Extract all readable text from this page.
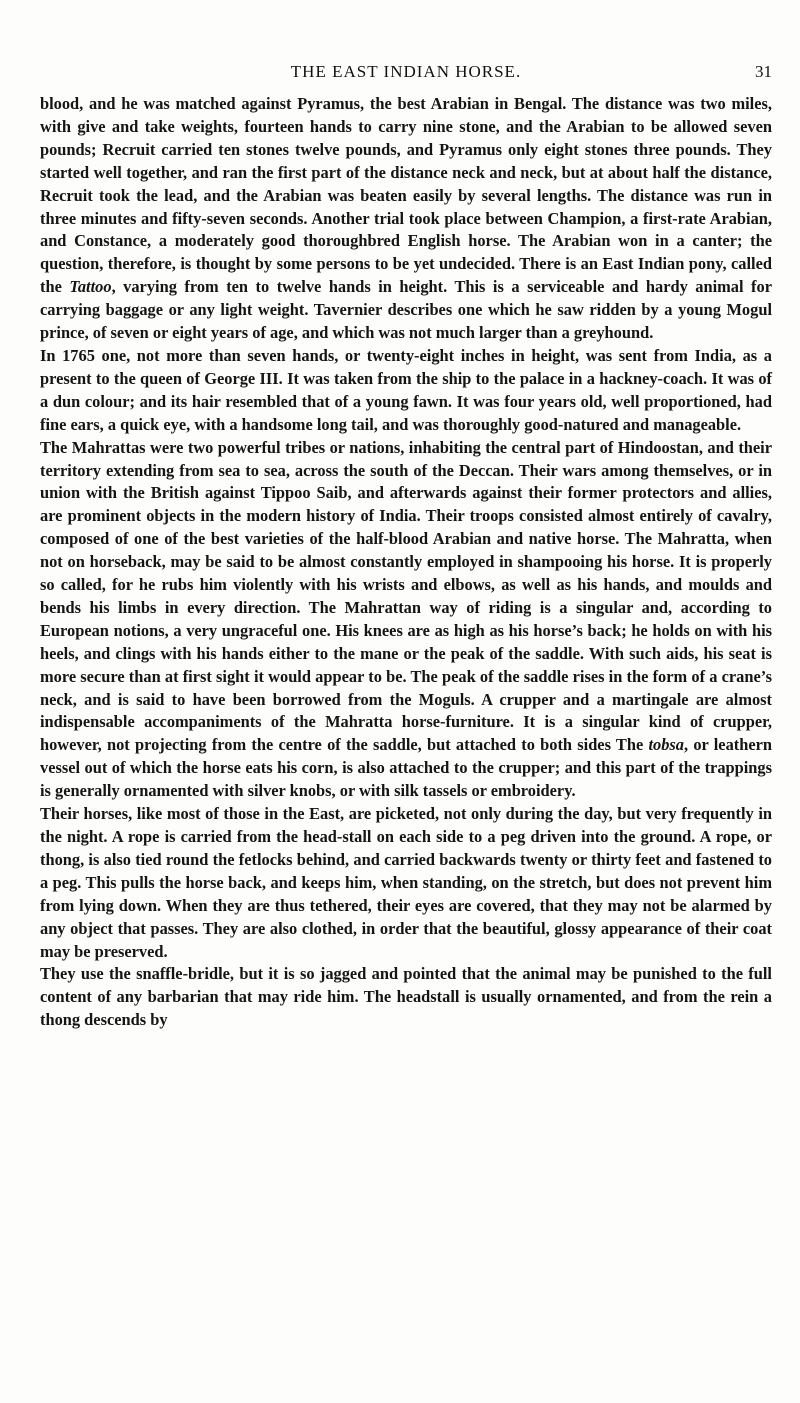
THE EAST INDIAN HORSE.	31

blood, and he was matched against Pyramus, the best Arabian in Bengal. The distance was two miles, with give and take weights, fourteen hands to carry nine stone, and the Arabian to be allowed seven pounds; Recruit carried ten stones twelve pounds, and Pyramus only eight stones three pounds. They started well together, and ran the first part of the distance neck and neck, but at about half the distance, Recruit took the lead, and the Arabian was beaten easily by several lengths. The distance was run in three minutes and fifty-seven seconds. Another trial took place between Champion, a first-rate Arabian, and Constance, a moderately good thoroughbred English horse. The Arabian won in a canter; the question, therefore, is thought by some persons to be yet undecided. There is an East Indian pony, called the Tattoo, varying from ten to twelve hands in height. This is a serviceable and hardy animal for carrying baggage or any light weight. Tavernier describes one which he saw ridden by a young Mogul prince, of seven or eight years of age, and which was not much larger than a greyhound.

In 1765 one, not more than seven hands, or twenty-eight inches in height, was sent from India, as a present to the queen of George III. It was taken from the ship to the palace in a hackney-coach. It was of a dun colour; and its hair resembled that of a young fawn. It was four years old, well proportioned, had fine ears, a quick eye, with a handsome long tail, and was thoroughly good-natured and manageable.

The Mahrattas were two powerful tribes or nations, inhabiting the central part of Hindoostan, and their territory extending from sea to sea, across the south of the Deccan. Their wars among themselves, or in union with the British against Tippoo Saib, and afterwards against their former protectors and allies, are prominent objects in the modern history of India. Their troops consisted almost entirely of cavalry, composed of one of the best varieties of the half-blood Arabian and native horse. The Mahratta, when not on horseback, may be said to be almost constantly employed in shampooing his horse. It is properly so called, for he rubs him violently with his wrists and elbows, as well as his hands, and moulds and bends his limbs in every direction. The Mahrattan way of riding is a singular and, according to European notions, a very ungraceful one. His knees are as high as his horse’s back; he holds on with his heels, and clings with his hands either to the mane or the peak of the saddle. With such aids, his seat is more secure than at first sight it would appear to be. The peak of the saddle rises in the form of a crane’s neck, and is said to have been borrowed from the Moguls. A crupper and a martingale are almost indispensable accompaniments of the Mahratta horse-furniture. It is a singular kind of crupper, however, not projecting from the centre of the saddle, but attached to both sides The tobsa, or leathern vessel out of which the horse eats his corn, is also attached to the crupper; and this part of the trappings is generally ornamented with silver knobs, or with silk tassels or embroidery.

Their horses, like most of those in the East, are picketed, not only during the day, but very frequently in the night. A rope is carried from the head-stall on each side to a peg driven into the ground. A rope, or thong, is also tied round the fetlocks behind, and carried backwards twenty or thirty feet and fastened to a peg. This pulls the horse back, and keeps him, when standing, on the stretch, but does not prevent him from lying down. When they are thus tethered, their eyes are covered, that they may not be alarmed by any object that passes. They are also clothed, in order that the beautiful, glossy appearance of their coat may be preserved.

They use the snaffle-bridle, but it is so jagged and pointed that the animal may be punished to the full content of any barbarian that may ride him. The headstall is usually ornamented, and from the rein a thong descends by
